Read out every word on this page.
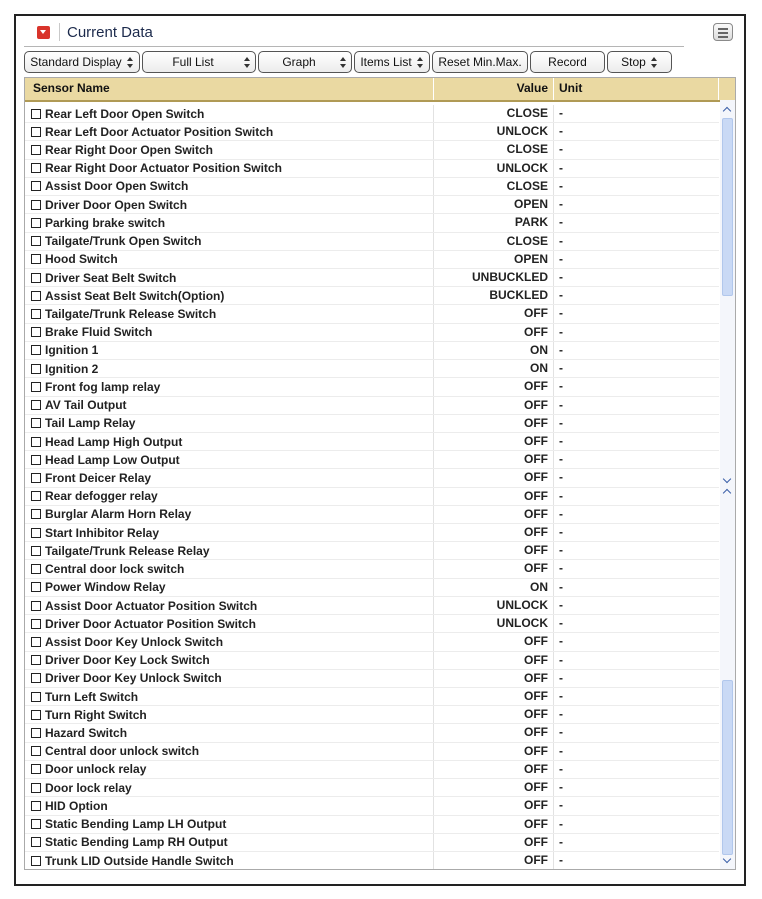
Current Data
Standard Display	Full List	Graph	Items List Reset Min.Max. Record	Stop
Sensor Name	Value Unit
Rear Left Door Open Switch	CLOSE -
Rear Left Door Actuator Position Switch	UNLOCK -
Rear Right Door Open Switch	CLOSE -
Rear Right Door Actuator Position Switch	UNLOCK -
Assist Door Open Switch	CLOSE -
Driver Door Open Switch	OPEN -
Parking brake switch	PARK -
Tailgate/Trunk Open Switch	CLOSE -
Hood Switch	OPEN -
Driver Seat Belt Switch	UNBUCKLED -
Assist Seat Belt Switch(Option)	BUCKLED -
Tailgate/Trunk Release Switch	OFF -
Brake Fluid Switch	OFF -
Ignition 1	ON -
Ignition 2	ON -
Front fog lamp relay	OFF -
AV Tail Output	OFF -
Tail Lamp Relay	OFF -
Head Lamp High Output	OFF -
Head Lamp Low Output	OFF -
Front Deicer Relay	OFF -
Rear defogger relay	OFF -
Burglar Alarm Horn Relay	OFF -
Start Inhibitor Relay	OFF -
Tailgate/Trunk Release Relay	OFF -
Central door lock switch	OFF -
Power Window Relay	ON -
Assist Door Actuator Position Switch	UNLOCK -
Driver Door Actuator Position Switch	UNLOCK -
Assist Door Key Unlock Switch	OFF -
Driver Door Key Lock Switch	OFF -
Driver Door Key Unlock Switch	OFF -
Turn Left Switch	OFF -
Turn Right Switch	OFF -
Hazard Switch	OFF -
Central door unlock switch	OFF -
Door unlock relay	OFF -
Door lock relay	OFF -
HID Option	OFF -
Static Bending Lamp LH Output	OFF -
Static Bending Lamp RH Output	OFF -
Trunk LID Outside Handle Switch	OFF -
